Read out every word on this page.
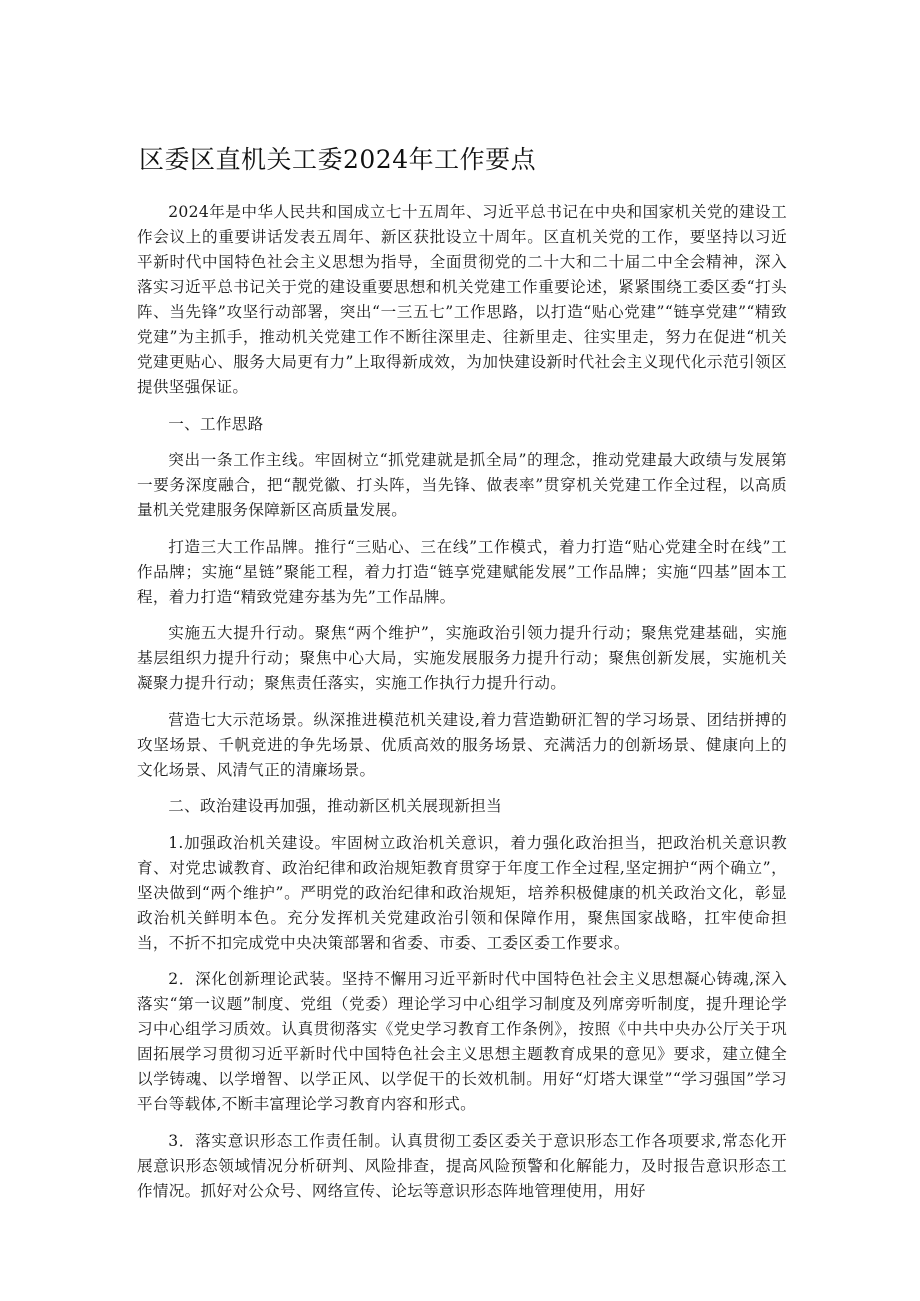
区委区直机关工委2024年工作要点

2024年是中华人民共和国成立七十五周年、习近平总书记在中央和国家机关党的建设工作会议上的重要讲话发表五周年、新区获批设立十周年。区直机关党的工作，要坚持以习近平新时代中国特色社会主义思想为指导，全面贯彻党的二十大和二十届二中全会精神，深入落实习近平总书记关于党的建设重要思想和机关党建工作重要论述，紧紧围绕工委区委“打头阵、当先锋”攻坚行动部署，突出“一三五七”工作思路，以打造“贴心党建”“链享党建”“精致党建”为主抓手，推动机关党建工作不断往深里走、往新里走、往实里走，努力在促进“机关党建更贴心、服务大局更有力”上取得新成效，为加快建设新时代社会主义现代化示范引领区提供坚强保证。

一、工作思路

突出一条工作主线。牢固树立“抓党建就是抓全局”的理念，推动党建最大政绩与发展第一要务深度融合，把“靓党徽、打头阵，当先锋、做表率”贯穿机关党建工作全过程，以高质量机关党建服务保障新区高质量发展。

打造三大工作品牌。推行“三贴心、三在线”工作模式，着力打造“贴心党建全时在线”工作品牌；实施“星链”聚能工程，着力打造“链享党建赋能发展”工作品牌；实施“四基”固本工程，着力打造“精致党建夯基为先”工作品牌。

实施五大提升行动。聚焦“两个维护”，实施政治引领力提升行动；聚焦党建基础，实施基层组织力提升行动；聚焦中心大局，实施发展服务力提升行动；聚焦创新发展，实施机关凝聚力提升行动；聚焦责任落实，实施工作执行力提升行动。

营造七大示范场景。纵深推进模范机关建设,着力营造勤研汇智的学习场景、团结拼搏的攻坚场景、千帆竞进的争先场景、优质高效的服务场景、充满活力的创新场景、健康向上的文化场景、风清气正的清廉场景。

二、政治建设再加强，推动新区机关展现新担当

1.加强政治机关建设。牢固树立政治机关意识，着力强化政治担当，把政治机关意识教育、对党忠诚教育、政治纪律和政治规矩教育贯穿于年度工作全过程,坚定拥护“两个确立”，坚决做到“两个维护”。严明党的政治纪律和政治规矩，培养积极健康的机关政治文化，彰显政治机关鲜明本色。充分发挥机关党建政治引领和保障作用，聚焦国家战略，扛牢使命担当，不折不扣完成党中央决策部署和省委、市委、工委区委工作要求。

2．深化创新理论武装。坚持不懈用习近平新时代中国特色社会主义思想凝心铸魂,深入落实“第一议题”制度、党组（党委）理论学习中心组学习制度及列席旁听制度，提升理论学习中心组学习质效。认真贯彻落实《党史学习教育工作条例》，按照《中共中央办公厅关于巩固拓展学习贯彻习近平新时代中国特色社会主义思想主题教育成果的意见》要求，建立健全以学铸魂、以学增智、以学正风、以学促干的长效机制。用好“灯塔大课堂”“学习强国”学习平台等载体,不断丰富理论学习教育内容和形式。

3．落实意识形态工作责任制。认真贯彻工委区委关于意识形态工作各项要求,常态化开展意识形态领域情况分析研判、风险排查，提高风险预警和化解能力，及时报告意识形态工作情况。抓好对公众号、网络宣传、论坛等意识形态阵地管理使用，用好
